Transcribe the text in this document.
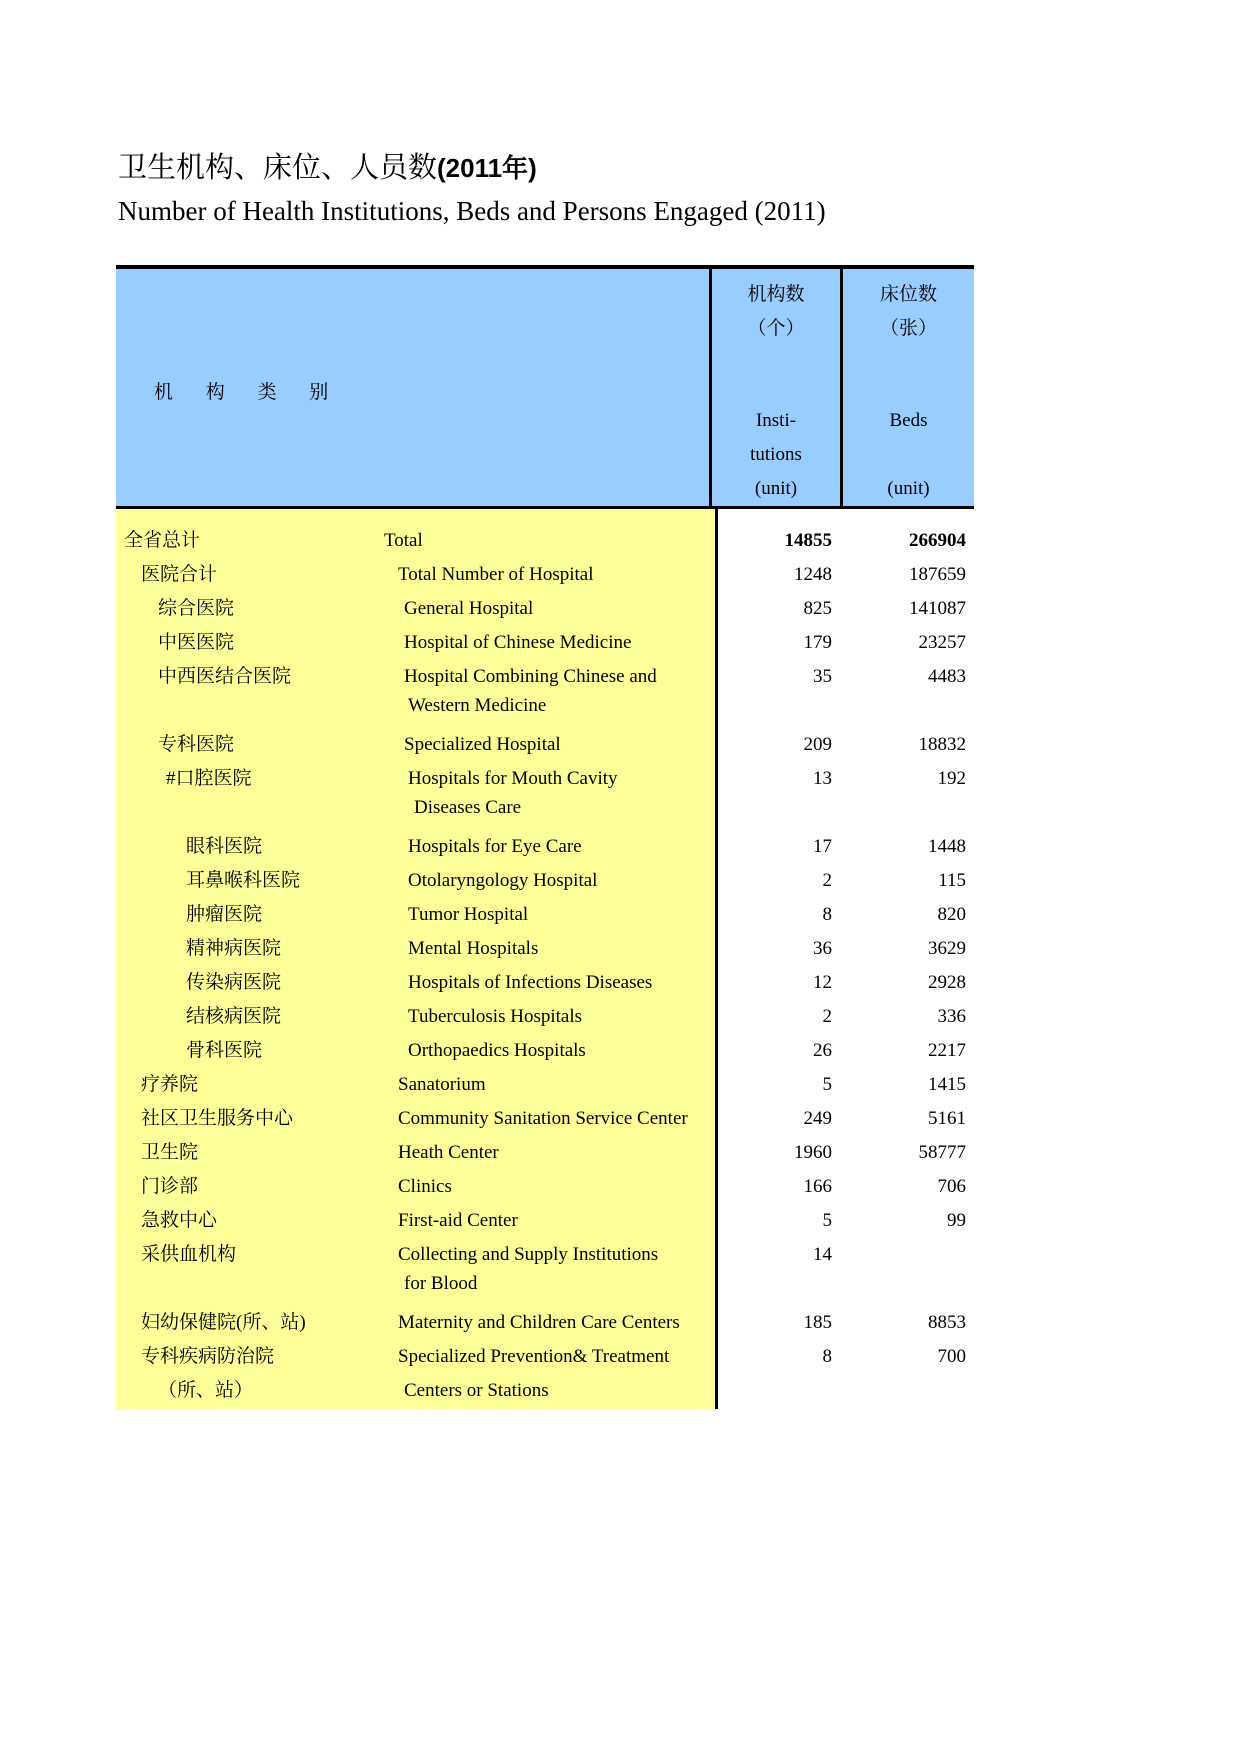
卫生机构、床位、人员数(2011年)
Number of Health Institutions, Beds and Persons Engaged (2011)
机 构 类 别
机构数
（个）
Insti-
tutions
(unit)
床位数
（张）
Beds
(unit)
全省总计	Total	14855	266904
医院合计	Total Number of Hospital	1248	187659
综合医院	General Hospital	825	141087
中医医院	Hospital of Chinese Medicine	179	23257
中西医结合医院	Hospital Combining Chinese and	35	4483
Western Medicine
专科医院	Specialized Hospital	209	18832
#口腔医院	Hospitals for Mouth Cavity	13	192
Diseases Care
眼科医院	Hospitals for Eye Care	17	1448
耳鼻喉科医院	Otolaryngology Hospital	2	115
肿瘤医院	Tumor Hospital	8	820
精神病医院	Mental Hospitals	36	3629
传染病医院	Hospitals of Infections Diseases	12	2928
结核病医院	Tuberculosis Hospitals	2	336
骨科医院	Orthopaedics Hospitals	26	2217
疗养院	Sanatorium	5	1415
社区卫生服务中心	Community Sanitation Service Center	249	5161
卫生院	Heath Center	1960	58777
门诊部	Clinics	166	706
急救中心	First-aid Center	5	99
采供血机构	Collecting and Supply Institutions	14
for Blood
妇幼保健院(所、站)	Maternity and Children Care Centers	185	8853
专科疾病防治院	Specialized Prevention& Treatment	8	700
（所、站）	Centers or Stations
